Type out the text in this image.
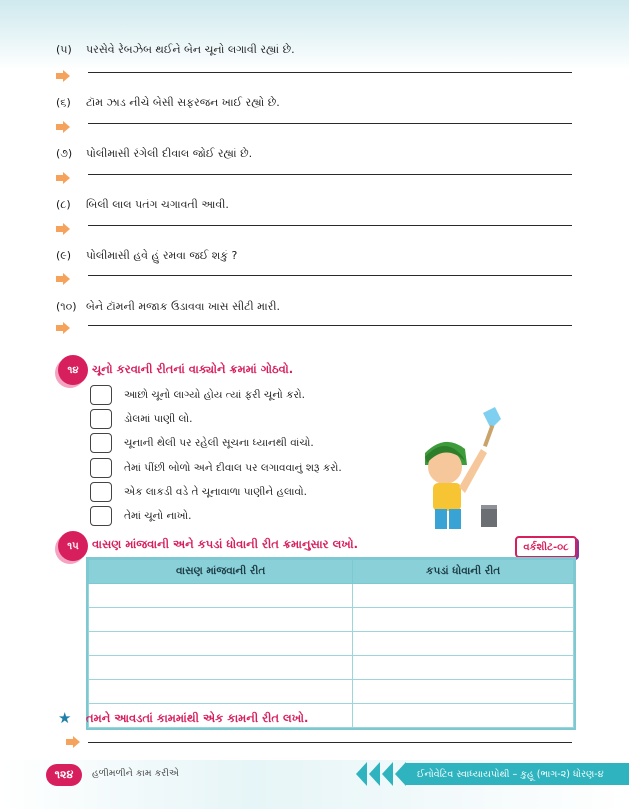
(૫) પરસેવે રેબઝેબ થઈને બેન ચૂનો લગાવી રહ્યાં છે.
(૬) ટૉમ ઝાડ નીચે બેસી સફરજન ખાઈ રહ્યો છે.
(૭) પોલીમાસી રંગેલી દીવાલ જોઈ રહ્યાં છે.
(૮) બિલી લાલ પતંગ ચગાવતી આવી.
(૯) પોલીમાસી હવે હું રમવા જઈ શકું ?
(૧૦) બેને ટૉમની મજાક ઉડાવવા ખાસ સીટી મારી.
૧૪	ચૂનો કરવાની રીતનાં વાક્યોને ક્રમમાં ગોઠવો.
આછો ચૂનો લાગ્યો હોય ત્યાં ફરી ચૂનો કરો.
ડોલમાં પાણી લો.
ચૂનાની થેલી પર રહેલી સૂચના ધ્યાનથી વાંચો.
તેમાં પીંછી બોળો અને દીવાલ પર લગાવવાનું શરૂ કરો.
એક લાકડી વડે તે ચૂનાવાળા પાણીને હલાવો.
તેમાં ચૂનો નાખો.
૧૫	વાસણ માંજવાની અને કપડાં ધોવાની રીત ક્રમાનુસાર લખો.	વર્કશીટ-૦૮
વાસણ માંજવાની રીત	કપડાં ધોવાની રીત

★ તમને આવડતાં કામમાંથી એક કામની રીત લખો.
૧૨૪	હળીમળીને કામ કરીએ	ઈનોવેટિવ સ્વાધ્યાયપોથી – કુહૂ (ભાગ-૨) ધોરણ-૪
